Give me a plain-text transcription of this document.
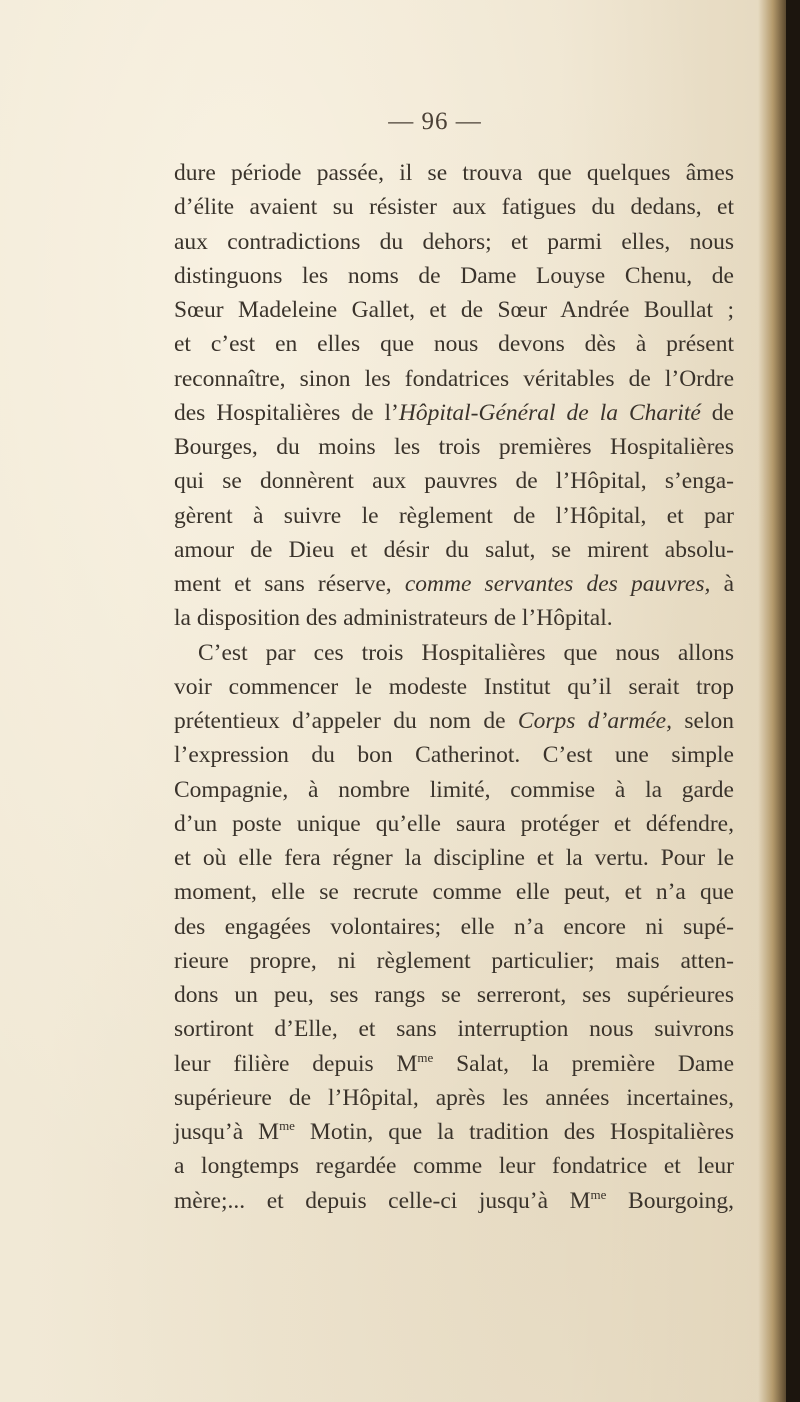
— 96 —
dure période passée, il se trouva que quelques âmes
d’élite avaient su résister aux fatigues du dedans, et
aux contradictions du dehors; et parmi elles, nous
distinguons les noms de Dame Louyse Chenu, de
Sœur Madeleine Gallet, et de Sœur Andrée Boullat ;
et c’est en elles que nous devons dès à présent
reconnaître, sinon les fondatrices véritables de l’Ordre
des Hospitalières de l’Hôpital-Général de la Charité de
Bourges, du moins les trois premières Hospitalières
qui se donnèrent aux pauvres de l’Hôpital, s’enga-
gèrent à suivre le règlement de l’Hôpital, et par
amour de Dieu et désir du salut, se mirent absolu-
ment et sans réserve, comme servantes des pauvres, à
la disposition des administrateurs de l’Hôpital.
C’est par ces trois Hospitalières que nous allons
voir commencer le modeste Institut qu’il serait trop
prétentieux d’appeler du nom de Corps d’armée, selon
l’expression du bon Catherinot. C’est une simple
Compagnie, à nombre limité, commise à la garde
d’un poste unique qu’elle saura protéger et défendre,
et où elle fera régner la discipline et la vertu. Pour le
moment, elle se recrute comme elle peut, et n’a que
des engagées volontaires; elle n’a encore ni supé-
rieure propre, ni règlement particulier; mais atten-
dons un peu, ses rangs se serreront, ses supérieures
sortiront d’Elle, et sans interruption nous suivrons
leur filière depuis $M^{me}$ Salat, la première Dame
supérieure de l’Hôpital, après les années incertaines,
jusqu’à $M^{me}$ Motin, que la tradition des Hospitalières
a longtemps regardée comme leur fondatrice et leur
mère;... et depuis celle-ci jusqu’à $M^{me}$ Bourgoing,
